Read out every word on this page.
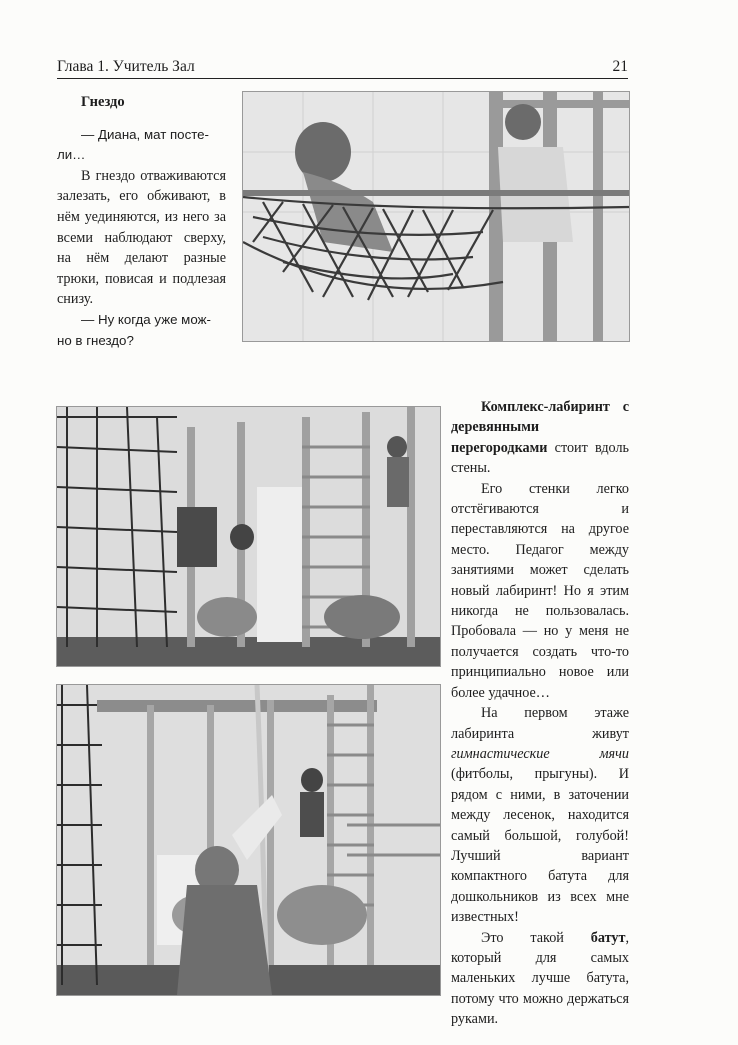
Глава 1. Учитель Зал	21
Гнездо
— Диана, мат посте-
ли…

В гнездо отваживаются залезать, его обживают, в нём уединяются, из него за всеми наблюдают сверху, на нём делают разные трюки, повисая и подлезая снизу.

— Ну когда уже мож-
но в гнездо?

Комплекс-лабиринт с деревянными перегородками стоит вдоль стены.

Его стенки легко отстёгиваются и переставляются на другое место. Педагог между занятиями может сделать новый лабиринт! Но я этим никогда не пользовалась. Пробовала — но у меня не получается создать что-то принципиально новое или более удачное…

На первом этаже лабиринта живут гимнастические мячи (фитболы, прыгуны). И рядом с ними, в заточении между лесенок, находится самый большой, голубой! Лучший вариант компактного батута для дошкольников из всех мне известных!

Это такой батут, который для самых маленьких лучше батута, потому что можно держаться руками.
